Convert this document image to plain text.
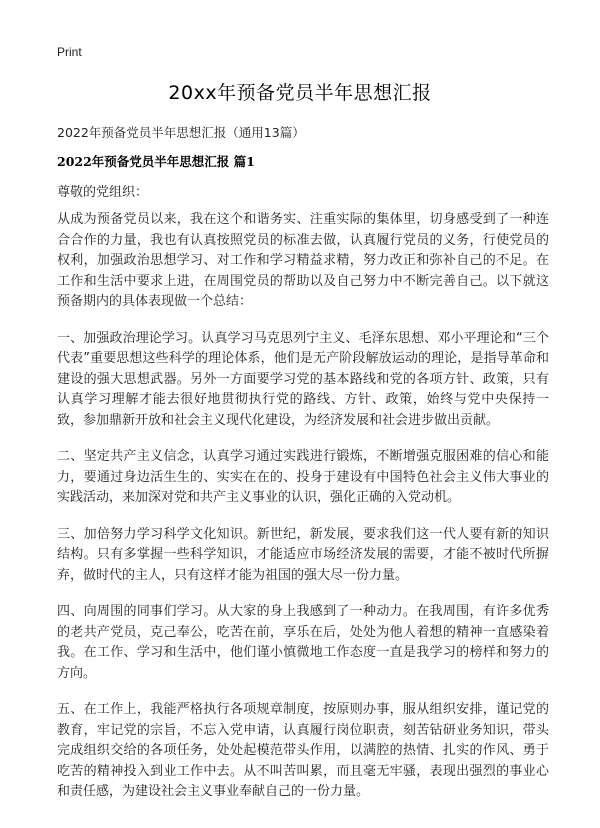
Print
20xx年预备党员半年思想汇报
2022年预备党员半年思想汇报（通用13篇）
2022年预备党员半年思想汇报 篇1
尊敬的党组织：

从成为预备党员以来，我在这个和谐务实、注重实际的集体里，切身感受到了一种连合合作的力量，我也有认真按照党员的标准去做，认真履行党员的义务，行使党员的权利，加强政治思想学习、对工作和学习精益求精，努力改正和弥补自己的不足。在工作和生活中要求上进，在周围党员的帮助以及自己努力中不断完善自己。以下就这预备期内的具体表现做一个总结：

一、加强政治理论学习。认真学习马克思列宁主义、毛泽东思想、邓小平理论和“三个代表”重要思想这些科学的理论体系，他们是无产阶段解放运动的理论，是指导革命和建设的强大思想武器。另外一方面要学习党的基本路线和党的各项方针、政策，只有认真学习理解才能去很好地贯彻执行党的路线、方针、政策，始终与党中央保持一致，参加鼎新开放和社会主义现代化建设，为经济发展和社会进步做出贡献。

二、坚定共产主义信念，认真学习通过实践进行锻炼，不断增强克服困难的信心和能力，要通过身边活生生的、实实在在的、投身于建设有中国特色社会主义伟大事业的实践活动，来加深对党和共产主义事业的认识，强化正确的入党动机。

三、加倍努力学习科学文化知识。新世纪，新发展，要求我们这一代人要有新的知识结构。只有多掌握一些科学知识，才能适应市场经济发展的需要，才能不被时代所摒弃，做时代的主人，只有这样才能为祖国的强大尽一份力量。

四、向周围的同事们学习。从大家的身上我感到了一种动力。在我周围，有许多优秀的老共产党员，克己奉公，吃苦在前，享乐在后，处处为他人着想的精神一直感染着我。在工作、学习和生活中，他们谨小慎微地工作态度一直是我学习的榜样和努力的方向。

五、在工作上，我能严格执行各项规章制度，按原则办事，服从组织安排，谨记党的教育，牢记党的宗旨，不忘入党申请，认真履行岗位职责，刻苦钻研业务知识，带头完成组织交给的各项任务，处处起模范带头作用，以满腔的热情、扎实的作风、勇于吃苦的精神投入到业工作中去。从不叫苦叫累，而且毫无牢骚，表现出强烈的事业心和责任感，为建设社会主义事业奉献自己的一份力量。
